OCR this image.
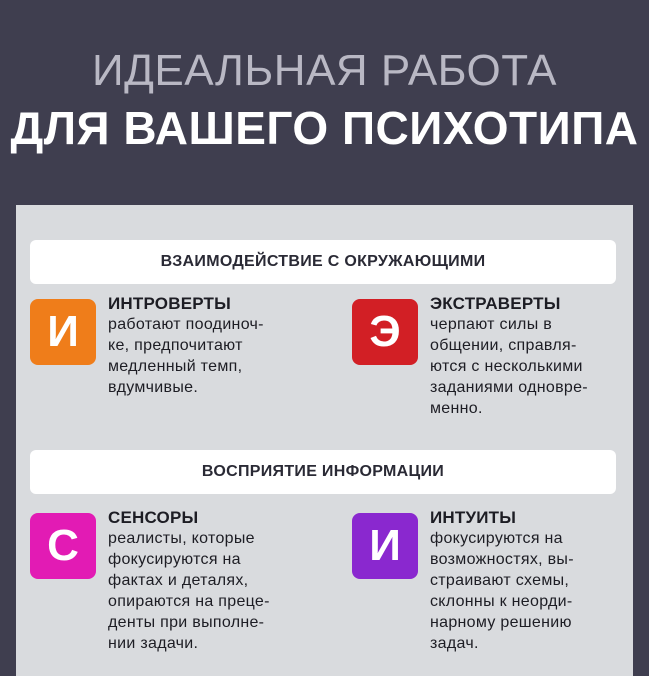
ИДЕАЛЬНАЯ РАБОТА
ДЛЯ ВАШЕГО ПСИХОТИПА
ВЗАИМОДЕЙСТВИЕ С ОКРУЖАЮЩИМИ
И
ИНТРОВЕРТЫ
работают поодиноч-
ке, предпочитают
медленный темп,
вдумчивые.
Э
ЭКСТРАВЕРТЫ
черпают силы в
общении, справля-
ются с несколькими
заданиями одновре-
менно.
ВОСПРИЯТИЕ ИНФОРМАЦИИ
С
СЕНСОРЫ
реалисты, которые
фокусируются на
фактах и деталях,
опираются на преце-
денты при выполне-
нии задачи.
И
ИНТУИТЫ
фокусируются на
возможностях, вы-
страивают схемы,
склонны к неорди-
нарному решению
задач.
